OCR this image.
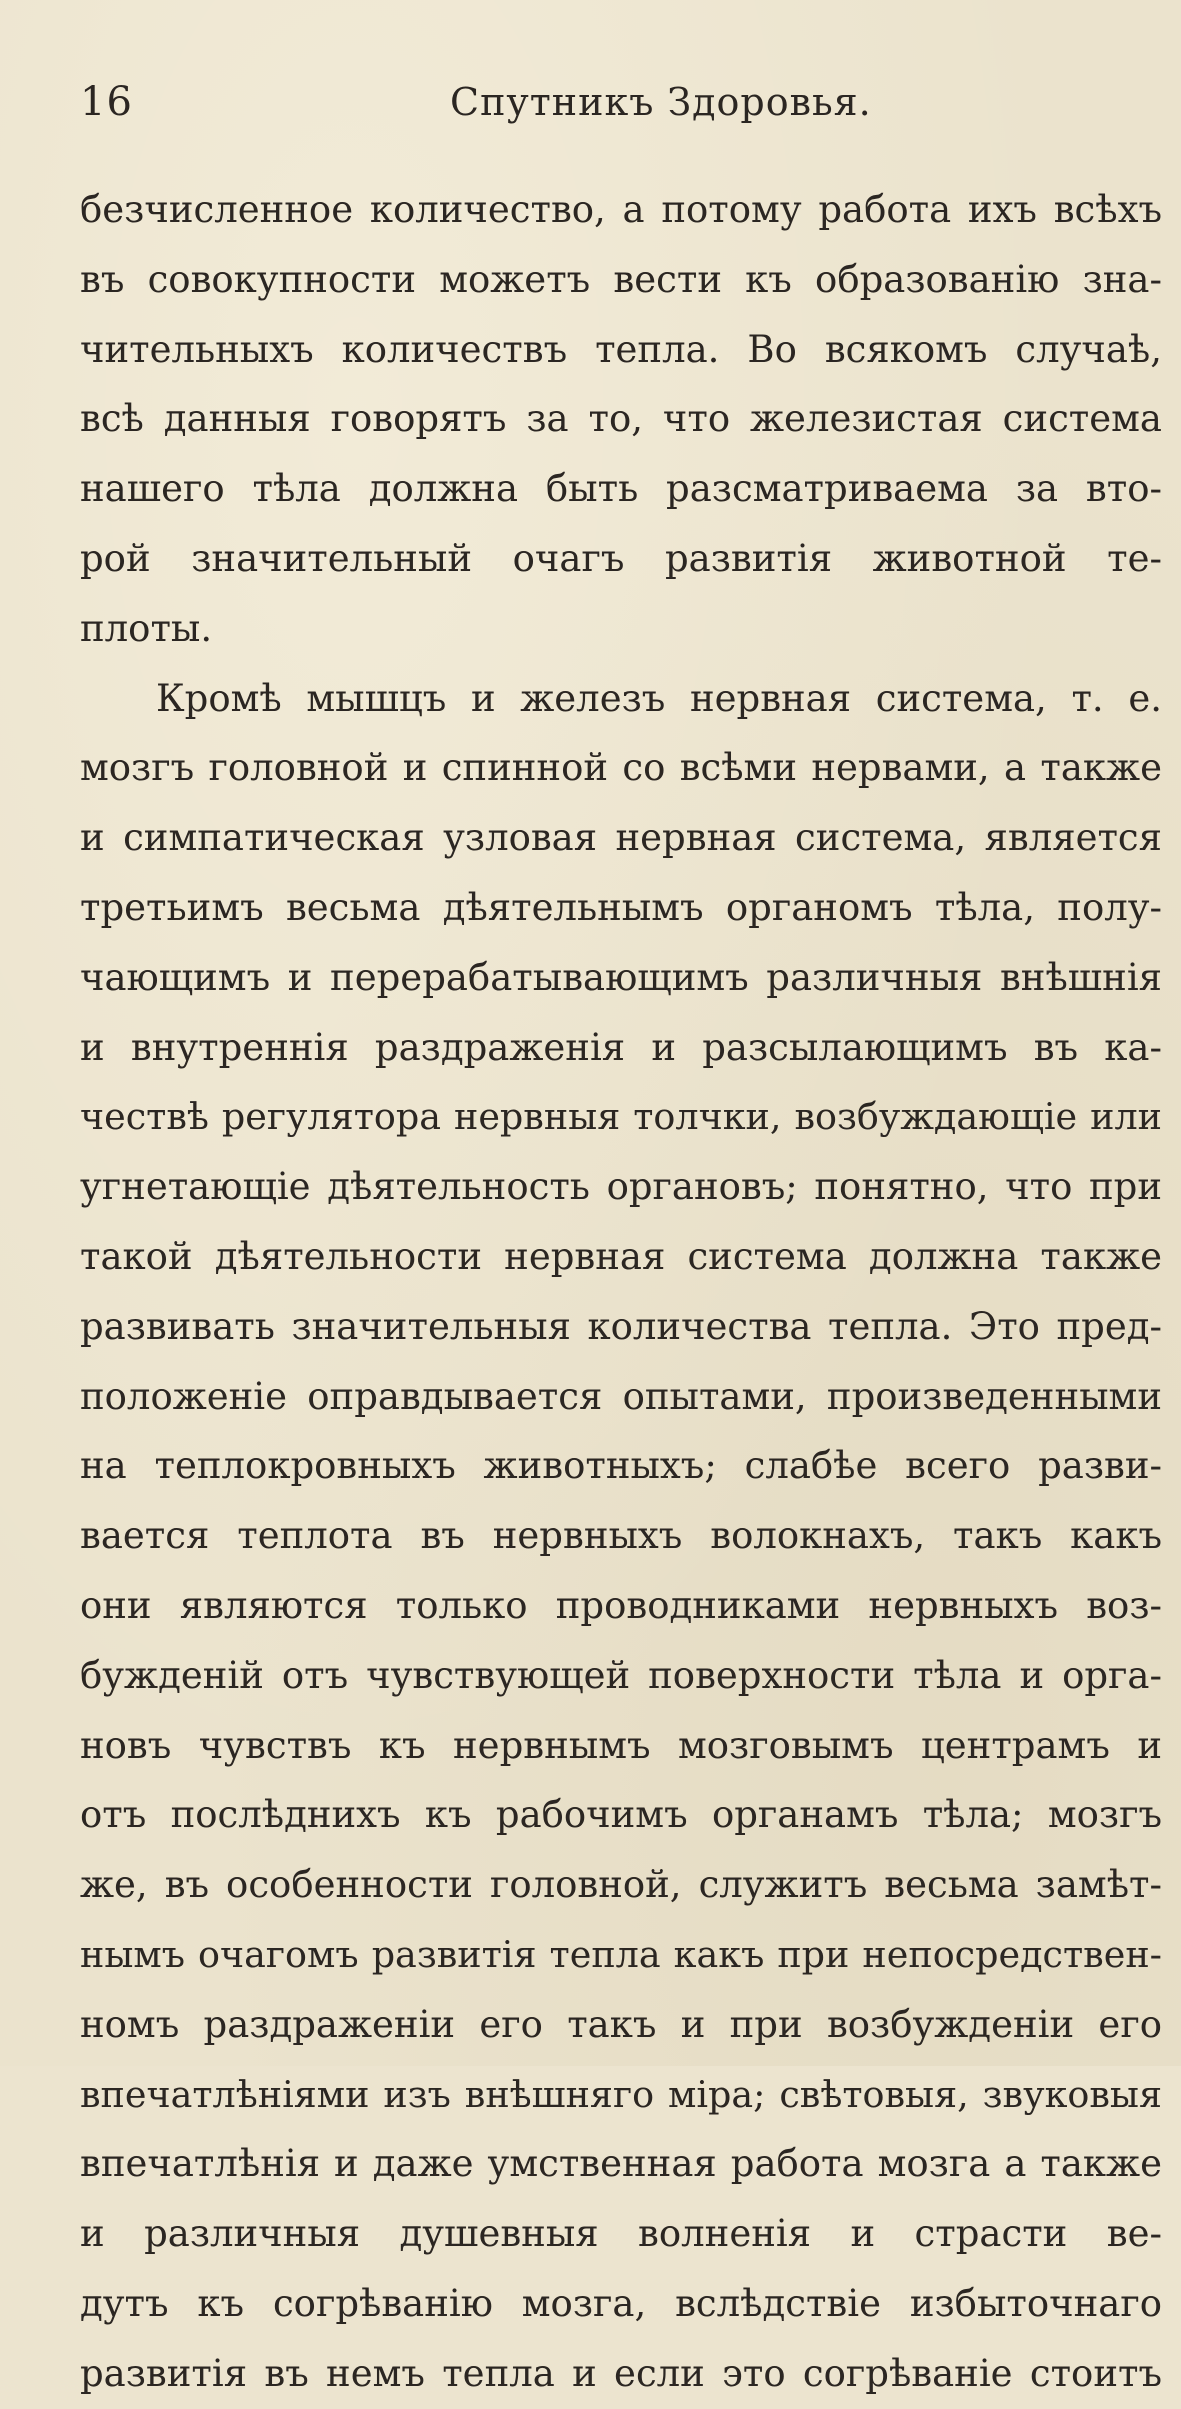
16	Спутникъ Здоровья.
безчисленное количество, а потому работа ихъ всѣхъ
въ совокупности можетъ вести къ образованію зна-
чительныхъ количествъ тепла. Во всякомъ случаѣ,
всѣ данныя говорятъ за то, что железистая система
нашего тѣла должна быть разсматриваема за вто-
рой значительный очагъ развитія животной те-
плоты.
Кромѣ мышцъ и железъ нервная система, т. е.
мозгъ головной и спинной со всѣми нервами, а также
и симпатическая узловая нервная система, является
третьимъ весьма дѣятельнымъ органомъ тѣла, полу-
чающимъ и перерабатывающимъ различныя внѣшнія
и внутреннія раздраженія и разсылающимъ въ ка-
чествѣ регулятора нервныя толчки, возбуждающіе или
угнетающіе дѣятельность органовъ; понятно, что при
такой дѣятельности нервная система должна также
развивать значительныя количества тепла. Это пред-
положеніе оправдывается опытами, произведенными
на теплокровныхъ животныхъ; слабѣе всего разви-
вается теплота въ нервныхъ волокнахъ, такъ какъ
они являются только проводниками нервныхъ воз-
бужденій отъ чувствующей поверхности тѣла и орга-
новъ чувствъ къ нервнымъ мозговымъ центрамъ и
отъ послѣднихъ къ рабочимъ органамъ тѣла; мозгъ
же, въ особенности головной, служитъ весьма замѣт-
нымъ очагомъ развитія тепла какъ при непосредствен-
номъ раздраженіи его такъ и при возбужденіи его
впечатлѣніями изъ внѣшняго міра; свѣтовыя, звуковыя
впечатлѣнія и даже умственная работа мозга а также
и различныя душевныя волненія и страсти ве-
дутъ къ согрѣванію мозга, вслѣдствіе избыточнаго
развитія въ немъ тепла и если это согрѣваніе стоитъ
